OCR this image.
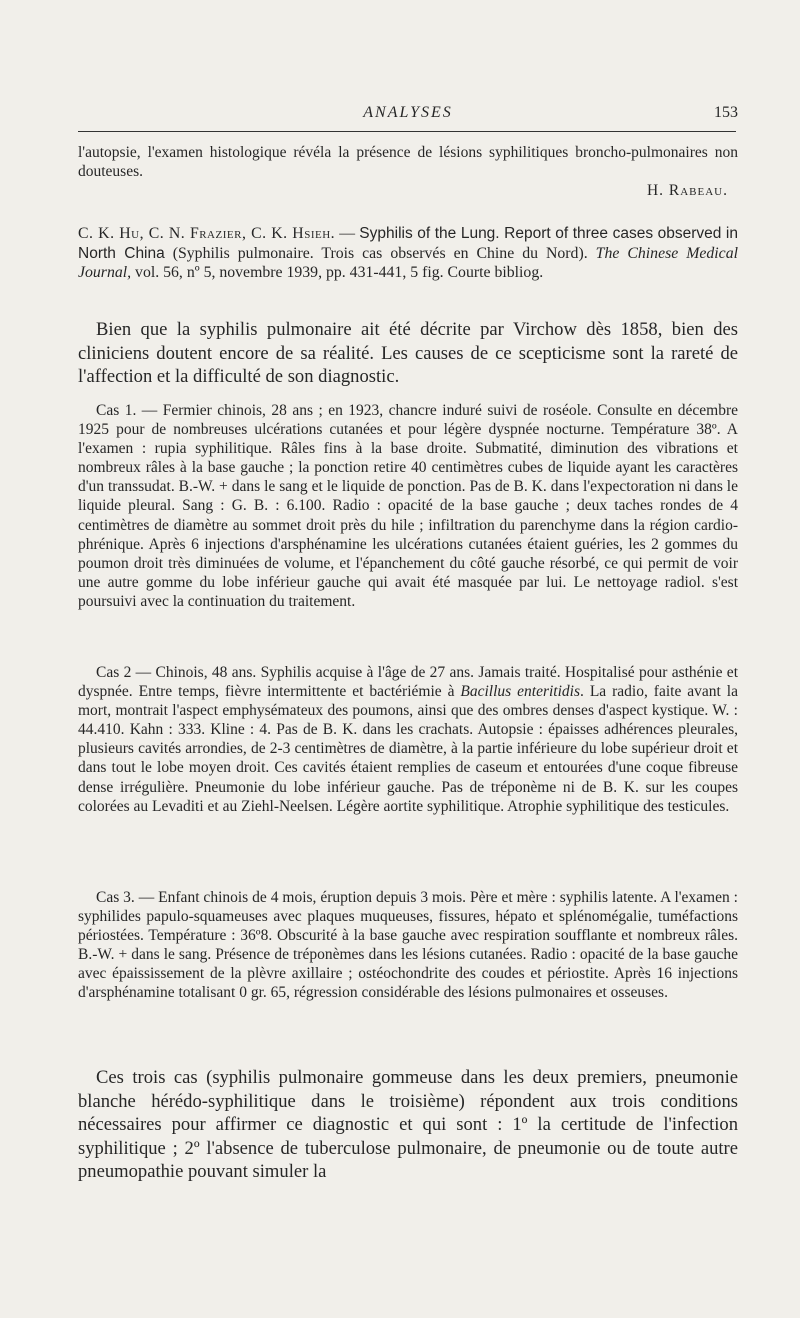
ANALYSES	153

l'autopsie, l'examen histologique révéla la présence de lésions syphilitiques broncho-pulmonaires non douteuses.

H. Rabeau.
C. K. Hu, C. N. Frazier, C. K. Hsieh. — Syphilis of the Lung. Report of three cases observed in North China (Syphilis pulmonaire. Trois cas observés en Chine du Nord). The Chinese Medical Journal, vol. 56, nº 5, novembre 1939, pp. 431-441, 5 fig. Courte bibliog.

Bien que la syphilis pulmonaire ait été décrite par Virchow dès 1858, bien des cliniciens doutent encore de sa réalité. Les causes de ce scepticisme sont la rareté de l'affection et la difficulté de son diagnostic.

Cas 1. — Fermier chinois, 28 ans ; en 1923, chancre induré suivi de roséole. Consulte en décembre 1925 pour de nombreuses ulcérations cutanées et pour légère dyspnée nocturne. Température 38º. A l'examen : rupia syphilitique. Râles fins à la base droite. Submatité, diminution des vibrations et nombreux râles à la base gauche ; la ponction retire 40 centimètres cubes de liquide ayant les caractères d'un transsudat. B.-W. + dans le sang et le liquide de ponction. Pas de B. K. dans l'expectoration ni dans le liquide pleural. Sang : G. B. : 6.100. Radio : opacité de la base gauche ; deux taches rondes de 4 centimètres de diamètre au sommet droit près du hile ; infiltration du parenchyme dans la région cardio-phrénique. Après 6 injections d'arsphénamine les ulcérations cutanées étaient guéries, les 2 gommes du poumon droit très diminuées de volume, et l'épanchement du côté gauche résorbé, ce qui permit de voir une autre gomme du lobe inférieur gauche qui avait été masquée par lui. Le nettoyage radiol. s'est poursuivi avec la continuation du traitement.

Cas 2 — Chinois, 48 ans. Syphilis acquise à l'âge de 27 ans. Jamais traité. Hospitalisé pour asthénie et dyspnée. Entre temps, fièvre intermittente et bactériémie à Bacillus enteritidis. La radio, faite avant la mort, montrait l'aspect emphysémateux des poumons, ainsi que des ombres denses d'aspect kystique. W. : 44.410. Kahn : 333. Kline : 4. Pas de B. K. dans les crachats. Autopsie : épaisses adhérences pleurales, plusieurs cavités arrondies, de 2-3 centimètres de diamètre, à la partie inférieure du lobe supérieur droit et dans tout le lobe moyen droit. Ces cavités étaient remplies de caseum et entourées d'une coque fibreuse dense irrégulière. Pneumonie du lobe inférieur gauche. Pas de tréponème ni de B. K. sur les coupes colorées au Levaditi et au Ziehl-Neelsen. Légère aortite syphilitique. Atrophie syphilitique des testicules.

Cas 3. — Enfant chinois de 4 mois, éruption depuis 3 mois. Père et mère : syphilis latente. A l'examen : syphilides papulo-squameuses avec plaques muqueuses, fissures, hépato et splénomégalie, tuméfactions périostées. Température : 36º8. Obscurité à la base gauche avec respiration soufflante et nombreux râles. B.-W. + dans le sang. Présence de tréponèmes dans les lésions cutanées. Radio : opacité de la base gauche avec épaississement de la plèvre axillaire ; ostéochondrite des coudes et périostite. Après 16 injections d'arsphénamine totalisant 0 gr. 65, régression considérable des lésions pulmonaires et osseuses.

Ces trois cas (syphilis pulmonaire gommeuse dans les deux premiers, pneumonie blanche hérédo-syphilitique dans le troisième) répondent aux trois conditions nécessaires pour affirmer ce diagnostic et qui sont : 1º la certitude de l'infection syphilitique ; 2º l'absence de tuberculose pulmonaire, de pneumonie ou de toute autre pneumopathie pouvant simuler la
